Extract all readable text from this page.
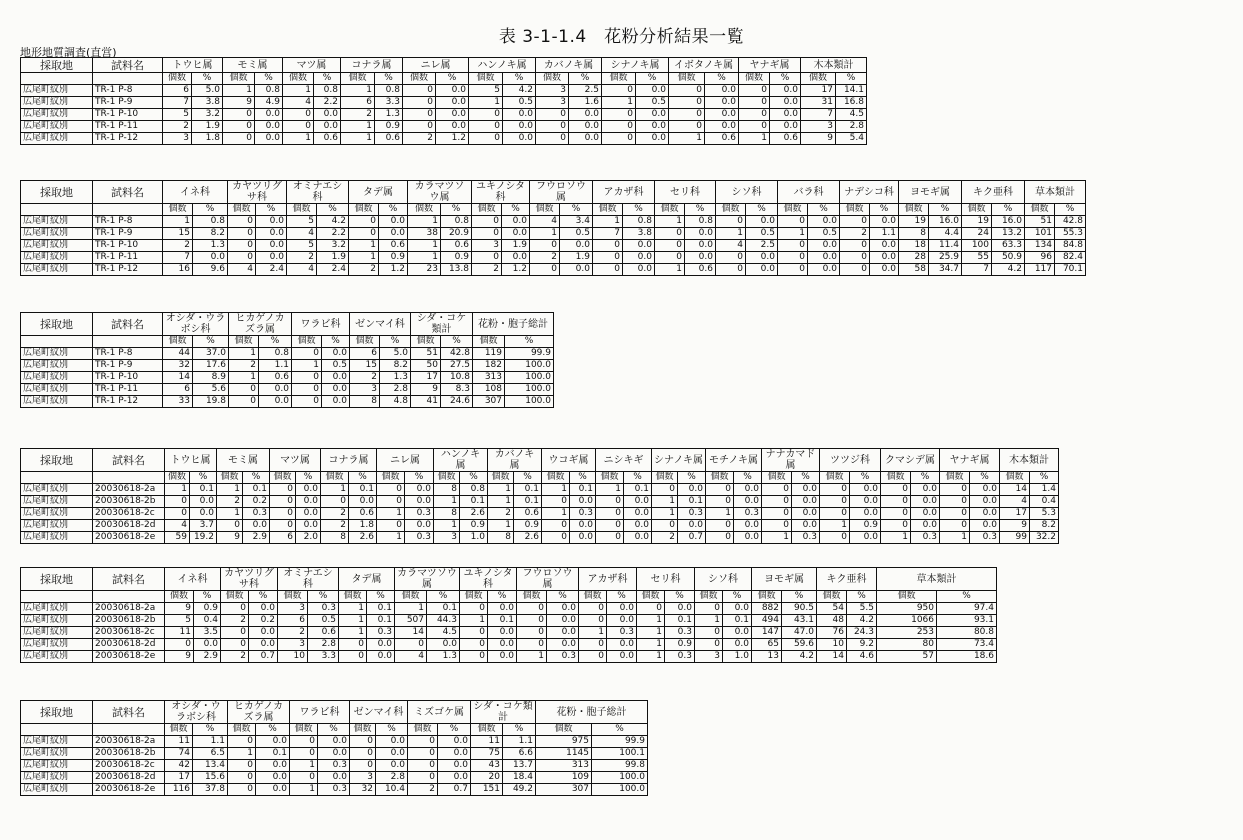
表 3-1-1.4　花粉分析結果一覧
地形地質調査(直営)
採取地	試料名	トウヒ属		モミ属		マツ属		コナラ属		ニレ属		ハンノキ属		カバノキ属		シナノキ属		イボタノキ属		ヤナギ属		木本類計	
		個数	%	個数	%	個数	%	個数	%	個数	%	個数	%	個数	%	個数	%	個数	%	個数	%	個数	%
広尾町紋別	TR-1 P-8	6	5.0	1	0.8	1	0.8	1	0.8	0	0.0	5	4.2	3	2.5	0	0.0	0	0.0	0	0.0	17	14.1
広尾町紋別	TR-1 P-9	7	3.8	9	4.9	4	2.2	6	3.3	0	0.0	1	0.5	3	1.6	1	0.5	0	0.0	0	0.0	31	16.8
広尾町紋別	TR-1 P-10	5	3.2	0	0.0	0	0.0	2	1.3	0	0.0	0	0.0	0	0.0	0	0.0	0	0.0	0	0.0	7	4.5
広尾町紋別	TR-1 P-11	2	1.9	0	0.0	0	0.0	1	0.9	0	0.0	0	0.0	0	0.0	0	0.0	0	0.0	0	0.0	3	2.8
広尾町紋別	TR-1 P-12	3	1.8	0	0.0	1	0.6	1	0.6	2	1.2	0	0.0	0	0.0	0	0.0	1	0.6	1	0.6	9	5.4
採取地	試料名	イネ科		カヤツリグサ科		オミナエシ科		タデ属		カラマツソウ属		ユキノシタ科		フウロソウ属		アカザ科		セリ科		シソ科		バラ科		ナデシコ科		ヨモギ属		キク亜科		草本類計	
		個数	%	個数	%	個数	%	個数	%	個数	%	個数	%	個数	%	個数	%	個数	%	個数	%	個数	%	個数	%	個数	%	個数	%	個数	%
広尾町紋別	TR-1 P-8	1	0.8	0	0.0	5	4.2	0	0.0	1	0.8	0	0.0	4	3.4	1	0.8	1	0.8	0	0.0	0	0.0	0	0.0	19	16.0	19	16.0	51	42.8
広尾町紋別	TR-1 P-9	15	8.2	0	0.0	4	2.2	0	0.0	38	20.9	0	0.0	1	0.5	7	3.8	0	0.0	1	0.5	1	0.5	2	1.1	8	4.4	24	13.2	101	55.3
広尾町紋別	TR-1 P-10	2	1.3	0	0.0	5	3.2	1	0.6	1	0.6	3	1.9	0	0.0	0	0.0	0	0.0	4	2.5	0	0.0	0	0.0	18	11.4	100	63.3	134	84.8
広尾町紋別	TR-1 P-11	7	0.0	0	0.0	2	1.9	1	0.9	1	0.9	0	0.0	2	1.9	0	0.0	0	0.0	0	0.0	0	0.0	0	0.0	28	25.9	55	50.9	96	82.4
広尾町紋別	TR-1 P-12	16	9.6	4	2.4	4	2.4	2	1.2	23	13.8	2	1.2	0	0.0	0	0.0	1	0.6	0	0.0	0	0.0	0	0.0	58	34.7	7	4.2	117	70.1
採取地	試料名	オシダ・ウラボシ科		ヒカゲノカズラ属		ワラビ科		ゼンマイ科		シダ・コケ類計		花粉・胞子総計	
		個数	%	個数	%	個数	%	個数	%	個数	%	個数	%
広尾町紋別	TR-1 P-8	44	37.0	1	0.8	0	0.0	6	5.0	51	42.8	119	99.9
広尾町紋別	TR-1 P-9	32	17.6	2	1.1	1	0.5	15	8.2	50	27.5	182	100.0
広尾町紋別	TR-1 P-10	14	8.9	1	0.6	0	0.0	2	1.3	17	10.8	313	100.0
広尾町紋別	TR-1 P-11	6	5.6	0	0.0	0	0.0	3	2.8	9	8.3	108	100.0
広尾町紋別	TR-1 P-12	33	19.8	0	0.0	0	0.0	8	4.8	41	24.6	307	100.0
採取地	試料名	トウヒ属		モミ属		マツ属		コナラ属		ニレ属		ハンノキ属		カバノキ属		ウコギ属		ニシキギ		シナノキ属		モチノキ属		ナナカマド属		ツツジ科		クマシデ属		ヤナギ属		木本類計	
		個数	%	個数	%	個数	%	個数	%	個数	%	個数	%	個数	%	個数	%	個数	%	個数	%	個数	%	個数	%	個数	%	個数	%	個数	%	個数	%
広尾町紋別	20030618-2a	1	0.1	1	0.1	0	0.0	1	0.1	0	0.0	8	0.8	1	0.1	1	0.1	1	0.1	0	0.0	0	0.0	0	0.0	0	0.0	0	0.0	0	0.0	14	1.4
広尾町紋別	20030618-2b	0	0.0	2	0.2	0	0.0	0	0.0	0	0.0	1	0.1	1	0.1	0	0.0	0	0.0	1	0.1	0	0.0	0	0.0	0	0.0	0	0.0	0	0.0	4	0.4
広尾町紋別	20030618-2c	0	0.0	1	0.3	0	0.0	2	0.6	1	0.3	8	2.6	2	0.6	1	0.3	0	0.0	1	0.3	1	0.3	0	0.0	0	0.0	0	0.0	0	0.0	17	5.3
広尾町紋別	20030618-2d	4	3.7	0	0.0	0	0.0	2	1.8	0	0.0	1	0.9	1	0.9	0	0.0	0	0.0	0	0.0	0	0.0	0	0.0	1	0.9	0	0.0	0	0.0	9	8.2
広尾町紋別	20030618-2e	59	19.2	9	2.9	6	2.0	8	2.6	1	0.3	3	1.0	8	2.6	0	0.0	0	0.0	2	0.7	0	0.0	1	0.3	0	0.0	1	0.3	1	0.3	99	32.2
採取地	試料名	イネ科		カヤツリグサ科		オミナエシ科		タデ属		カラマツソウ属		ユキノシタ科		フウロソウ属		アカザ科		セリ科		シソ科		ヨモギ属		キク亜科		草本類計	
		個数	%	個数	%	個数	%	個数	%	個数	%	個数	%	個数	%	個数	%	個数	%	個数	%	個数	%	個数	%	個数	%
広尾町紋別	20030618-2a	9	0.9	0	0.0	3	0.3	1	0.1	1	0.1	0	0.0	0	0.0	0	0.0	0	0.0	0	0.0	882	90.5	54	5.5	950	97.4
広尾町紋別	20030618-2b	5	0.4	2	0.2	6	0.5	1	0.1	507	44.3	1	0.1	0	0.0	0	0.0	1	0.1	1	0.1	494	43.1	48	4.2	1066	93.1
広尾町紋別	20030618-2c	11	3.5	0	0.0	2	0.6	1	0.3	14	4.5	0	0.0	0	0.0	1	0.3	1	0.3	0	0.0	147	47.0	76	24.3	253	80.8
広尾町紋別	20030618-2d	0	0.0	0	0.0	3	2.8	0	0.0	0	0.0	0	0.0	0	0.0	0	0.0	1	0.9	0	0.0	65	59.6	10	9.2	80	73.4
広尾町紋別	20030618-2e	9	2.9	2	0.7	10	3.3	0	0.0	4	1.3	0	0.0	1	0.3	0	0.0	1	0.3	3	1.0	13	4.2	14	4.6	57	18.6
採取地	試料名	オシダ・ウラボシ科		ヒカゲノカズラ属		ワラビ科		ゼンマイ科		ミズゴケ属		シダ・コケ類計		花粉・胞子総計	
		個数	%	個数	%	個数	%	個数	%	個数	%	個数	%	個数	%
広尾町紋別	20030618-2a	11	1.1	0	0.0	0	0.0	0	0.0	0	0.0	11	1.1	975	99.9
広尾町紋別	20030618-2b	74	6.5	1	0.1	0	0.0	0	0.0	0	0.0	75	6.6	1145	100.1
広尾町紋別	20030618-2c	42	13.4	0	0.0	1	0.3	0	0.0	0	0.0	43	13.7	313	99.8
広尾町紋別	20030618-2d	17	15.6	0	0.0	0	0.0	3	2.8	0	0.0	20	18.4	109	100.0
広尾町紋別	20030618-2e	116	37.8	0	0.0	1	0.3	32	10.4	2	0.7	151	49.2	307	100.0
